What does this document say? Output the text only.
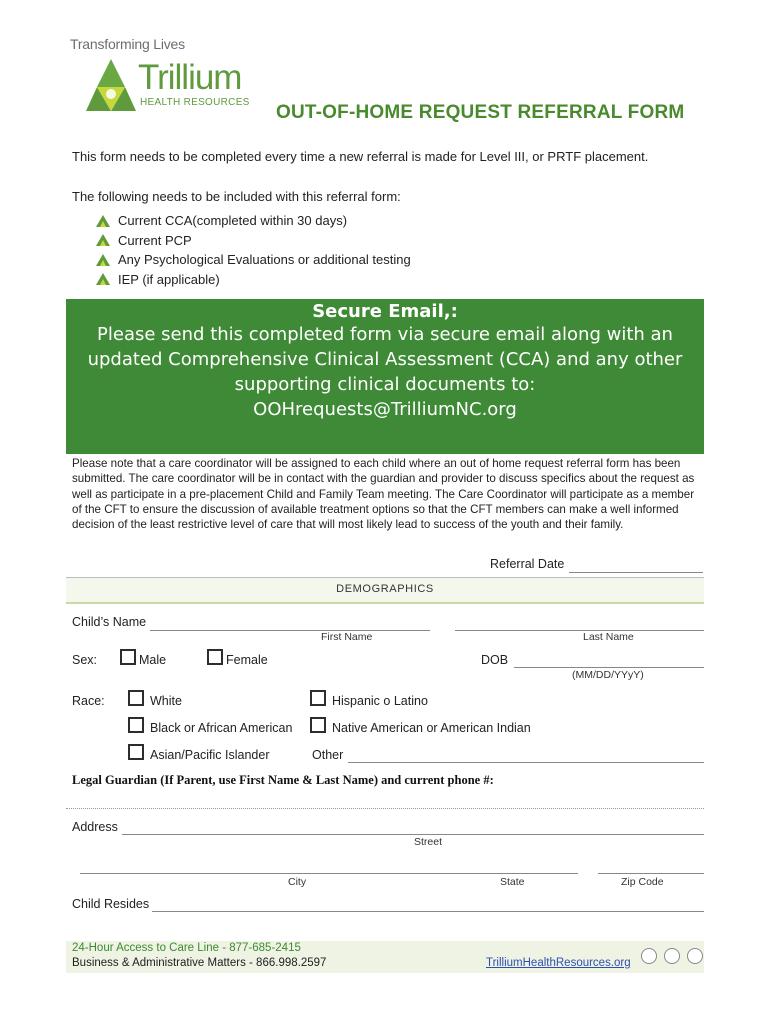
Transforming Lives
Trillium
HEALTH RESOURCES OUT-OF-HOME REQUEST REFERRAL FORM
This form needs to be completed every time a new referral is made for Level III, or PRTF placement.
The following needs to be included with this referral form:
Current CCA(completed within 30 days)
Current PCP
Any Psychological Evaluations or additional testing
IEP (if applicable)
Secure Email,:
Please send this completed form via secure email along with an
updated Comprehensive Clinical Assessment (CCA) and any other
supporting clinical documents to:
OOHrequests@TrilliumNC.org
Please note that a care coordinator will be assigned to each child where an out of home request referral form has been submitted. The care coordinator will be in contact with the guardian and provider to discuss specifics about the request as well as participate in a pre-placement Child and Family Team meeting. The Care Coordinator will participate as a member of the CFT to ensure the discussion of available treatment options so that the CFT members can make a well informed decision of the least restrictive level of care that will most likely lead to success of the youth and their family.
Referral Date
DEMOGRAPHICS
Child’s Name
First Name	Last Name
Sex:	Male	Female	DOB
(MM/DD/YYyY)
Race:	White	Hispanic o Latino
Black or African American	Native American or American Indian
Asian/Pacific Islander	Other
Legal Guardian (If Parent, use First Name & Last Name) and current phone #:
Address
Street
City	State	Zip Code
Child Resides
24-Hour Access to Care Line - 877-685-2415
Business & Administrative Matters - 866.998.2597	TrilliumHealthResources.org
